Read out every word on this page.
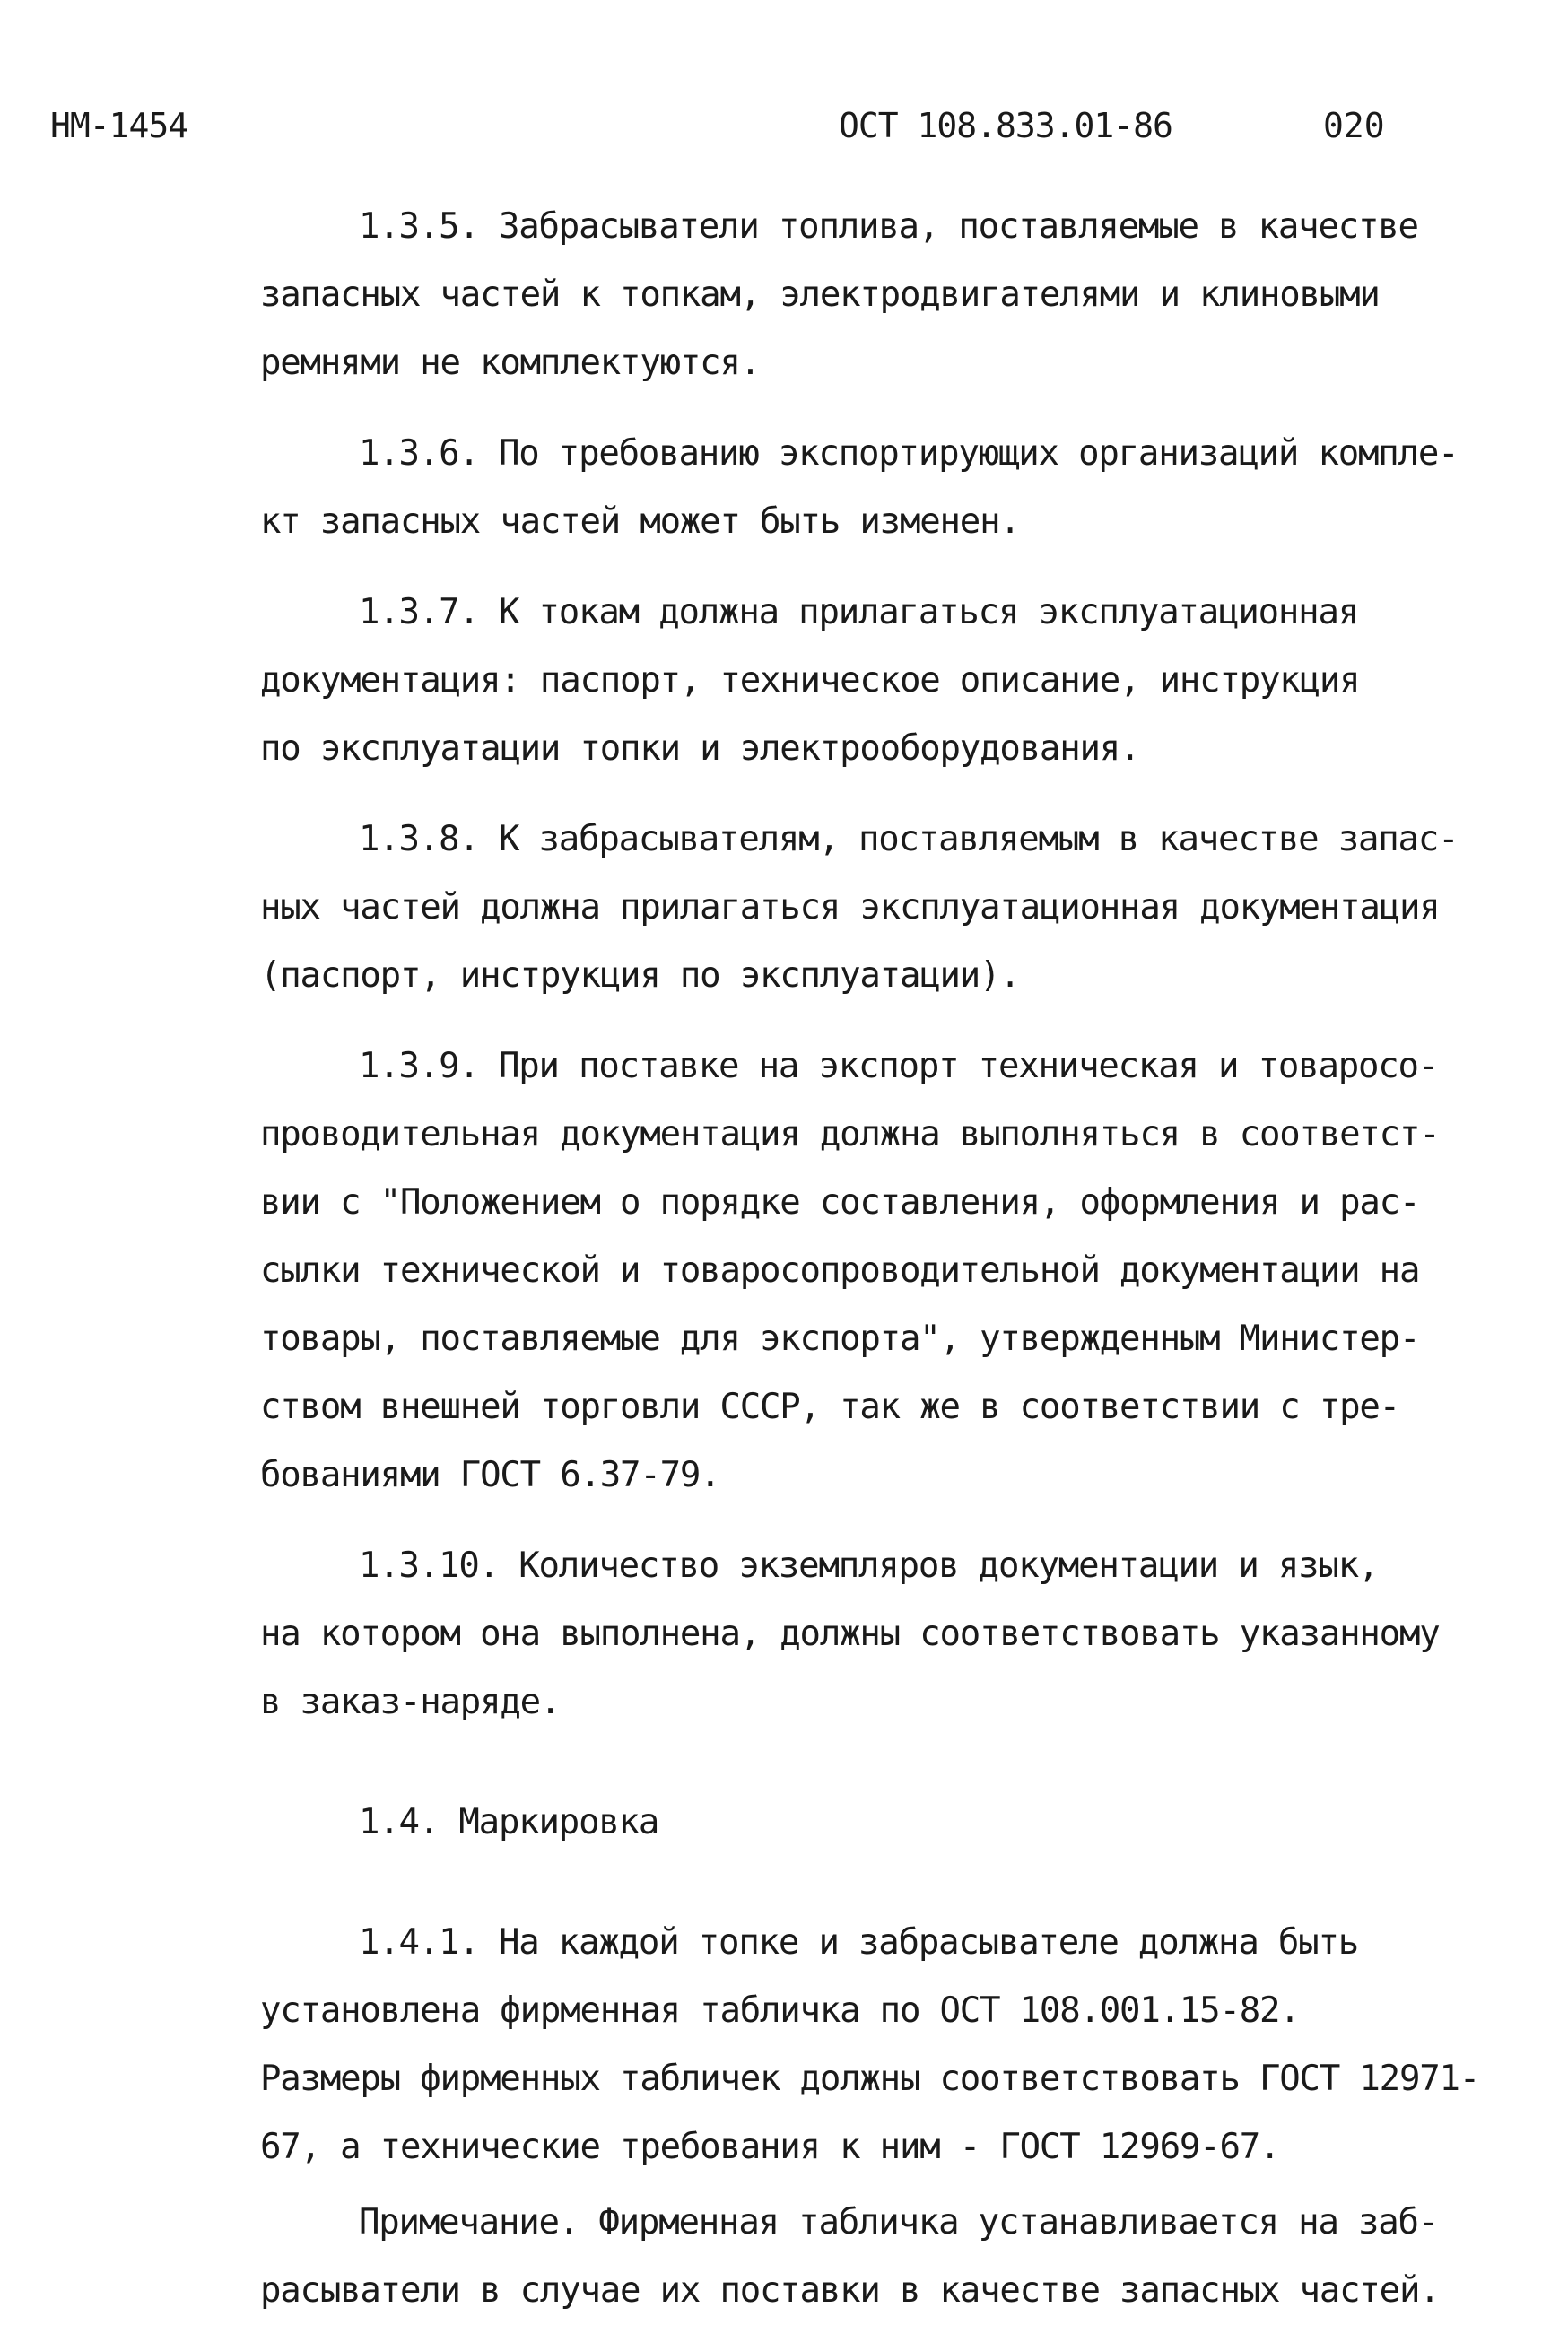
НМ-1454	ОСТ 108.833.01-86	020

1.3.5. Забрасыватели топлива, поставляемые в качестве

запасных частей к топкам, электродвигателями и клиновыми
ремнями не комплектуются.

1.3.6. По требованию экспортирующих организаций комплe-

кт запасных частей может быть изменен.

1.3.7. К токам должна прилагаться эксплуатационная

документация: паспорт, техническое описание, инструкция
по эксплуатации топки и электрооборудования.

1.3.8. К забрасывателям, поставляемым в качестве запас-

ных частей должна прилагаться эксплуатационная документация
(паспорт, инструкция по эксплуатации).

1.3.9. При поставке на экспорт техническая и товаросо-

проводительная документация должна выполняться в соответст-
вии с "Положением о порядке составления, оформления и рас-
сылки технической и товаросопроводительной документации на
товары, поставляемые для экспорта", утвержденным Министер-
ством внешней торговли СССР, так же в соответствии с тре-
бованиями ГОСТ 6.37-79.

1.3.10. Количество экземпляров документации и язык,

на котором она выполнена, должны соответствовать указанному
в заказ-наряде.

1.4. Маркировка

1.4.1. На каждой топке и забрасывателе должна быть

установлена фирменная табличка по ОСТ 108.001.15-82.
Размеры фирменных табличек должны соответствовать ГОСТ 12971-
67, а технические требования к ним - ГОСТ 12969-67.

Примечание. Фирменная табличка устанавливается на заб-

расыватели в случае их поставки в качестве запасных частей.
